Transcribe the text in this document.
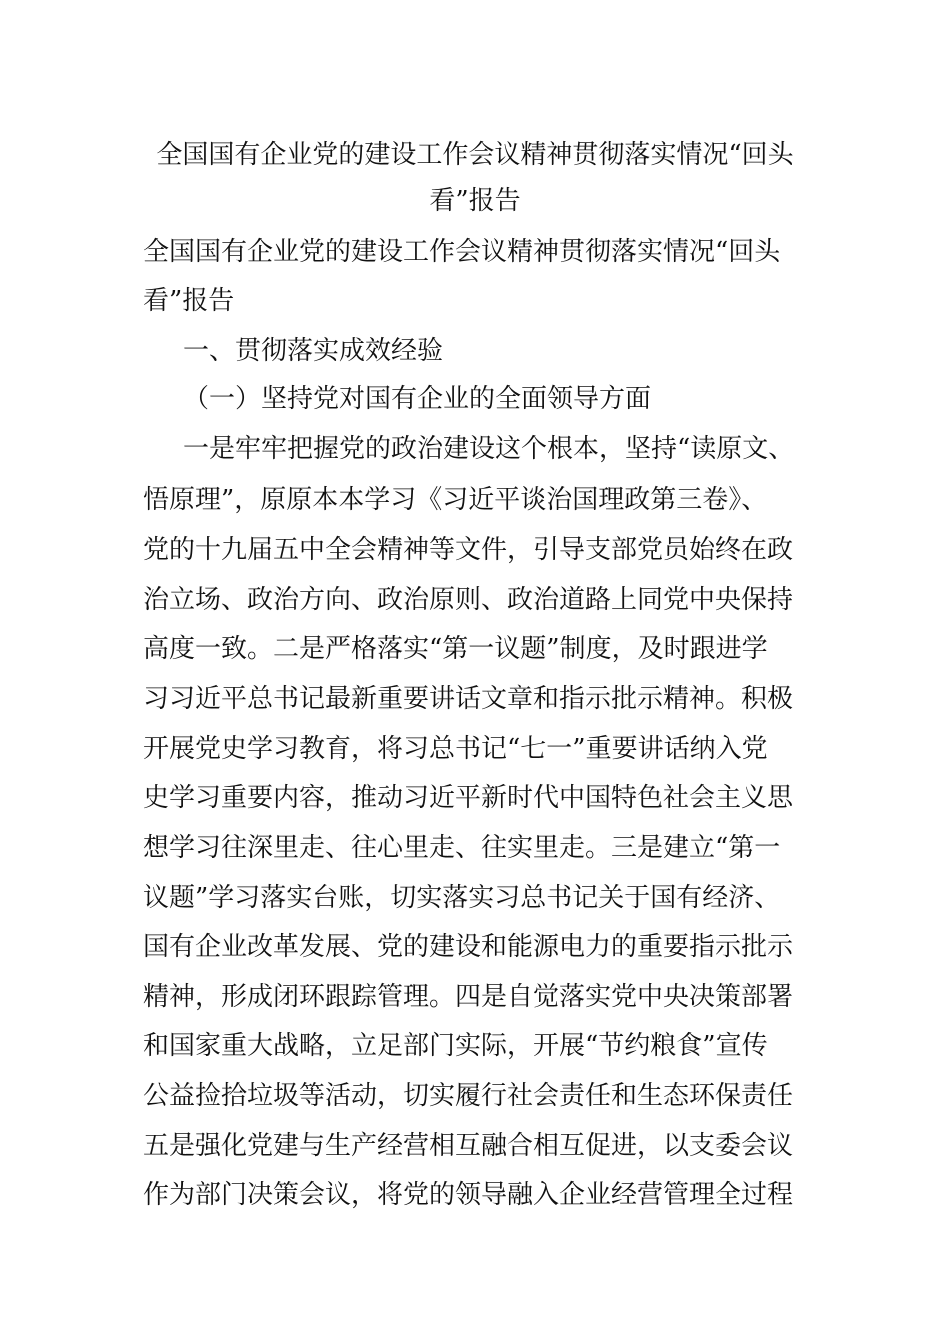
全国国有企业党的建设工作会议精神贯彻落实情况“回头
看”报告
全国国有企业党的建设工作会议精神贯彻落实情况“回头
看”报告
一、贯彻落实成效经验
（一）坚持党对国有企业的全面领导方面
一是牢牢把握党的政治建设这个根本，坚持“读原文、
悟原理”，原原本本学习《习近平谈治国理政第三卷》、
党的十九届五中全会精神等文件，引导支部党员始终在政
治立场、政治方向、政治原则、政治道路上同党中央保持
高度一致。二是严格落实“第一议题”制度，及时跟进学
习习近平总书记最新重要讲话文章和指示批示精神。积极
开展党史学习教育，将习总书记“七一”重要讲话纳入党
史学习重要内容，推动习近平新时代中国特色社会主义思
想学习往深里走、往心里走、往实里走。三是建立“第一
议题”学习落实台账，切实落实习总书记关于国有经济、
国有企业改革发展、党的建设和能源电力的重要指示批示
精神，形成闭环跟踪管理。四是自觉落实党中央决策部署
和国家重大战略，立足部门实际，开展“节约粮食”宣传
公益捡拾垃圾等活动，切实履行社会责任和生态环保责任
五是强化党建与生产经营相互融合相互促进，以支委会议
作为部门决策会议，将党的领导融入企业经营管理全过程
